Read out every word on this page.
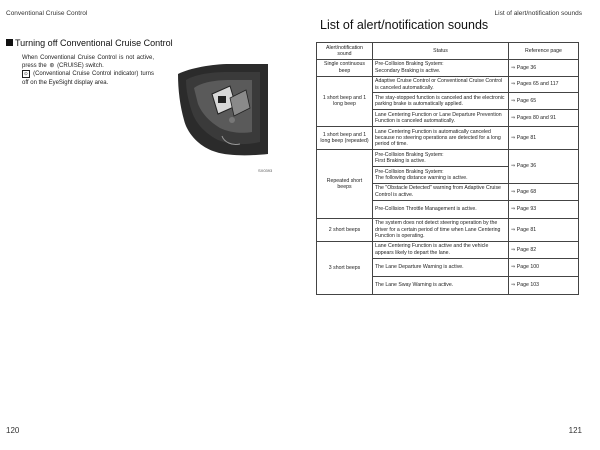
Conventional Cruise Control
Turning off Conventional Cruise Control
When Conventional Cruise Control is not active, press the ⊛ (CRUISE) switch.
⊙ (Conventional Cruise Control indicator) turns off on the EyeSight display area.
SX0393
120
List of alert/notification sounds
List of alert/notification sounds
Alert/notification sound	Status	Reference page
Single continuous beep	Pre-Collision Braking System:
Secondary Braking is active.	⇒ Page 36
1 short beep and 1 long beep	Adaptive Cruise Control or Conventional Cruise Control is canceled automatically.	⇒ Pages 65 and 117
	The stay-stopped function is canceled and the electronic parking brake is automatically applied.	⇒ Page 65
	Lane Centering Function or Lane Departure Prevention Function is canceled automatically.	⇒ Pages 80 and 91
1 short beep and 1 long beep (repeated)	Lane Centering Function is automatically canceled because no steering operations are detected for a long period of time.	⇒ Page 81
Repeated short beeps	Pre-Collision Braking System:
First Braking is active.	⇒ Page 36
	Pre-Collision Braking System:
The following distance warning is active.	
	The "Obstacle Detected" warning from Adaptive Cruise Control is active.	⇒ Page 68
	Pre-Collision Throttle Management is active.	⇒ Page 93
2 short beeps	The system does not detect steering operation by the driver for a certain period of time when Lane Centering Function is operating.	⇒ Page 81
3 short beeps	Lane Centering Function is active and the vehicle appears likely to depart the lane.	⇒ Page 82
	The Lane Departure Warning is active.	⇒ Page 100
	The Lane Sway Warning is active.	⇒ Page 103
121
